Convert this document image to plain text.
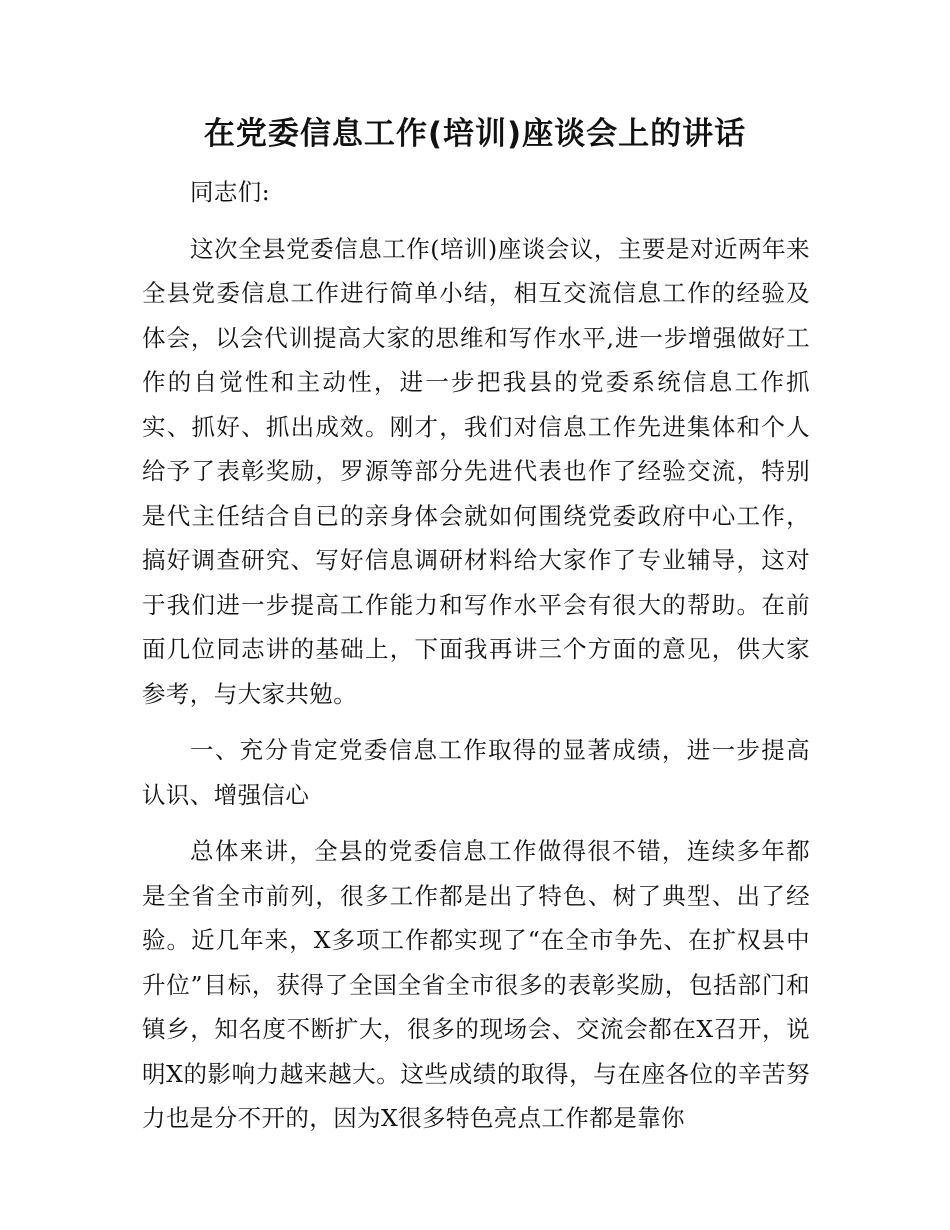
在党委信息工作(培训)座谈会上的讲话

同志们:

这次全县党委信息工作(培训)座谈会议，主要是对近两年来全县党委信息工作进行简单小结，相互交流信息工作的经验及体会，以会代训提高大家的思维和写作水平,进一步增强做好工作的自觉性和主动性，进一步把我县的党委系统信息工作抓实、抓好、抓出成效。刚才，我们对信息工作先进集体和个人给予了表彰奖励，罗源等部分先进代表也作了经验交流，特别是代主任结合自已的亲身体会就如何围绕党委政府中心工作，搞好调查研究、写好信息调研材料给大家作了专业辅导，这对于我们进一步提高工作能力和写作水平会有很大的帮助。在前面几位同志讲的基础上，下面我再讲三个方面的意见，供大家参考，与大家共勉。

一、充分肯定党委信息工作取得的显著成绩，进一步提高认识、增强信心

总体来讲，全县的党委信息工作做得很不错，连续多年都是全省全市前列，很多工作都是出了特色、树了典型、出了经验。近几年来，X多项工作都实现了“在全市争先、在扩权县中升位”目标，获得了全国全省全市很多的表彰奖励，包括部门和镇乡，知名度不断扩大，很多的现场会、交流会都在X召开，说明X的影响力越来越大。这些成绩的取得，与在座各位的辛苦努力也是分不开的，因为X很多特色亮点工作都是靠你
